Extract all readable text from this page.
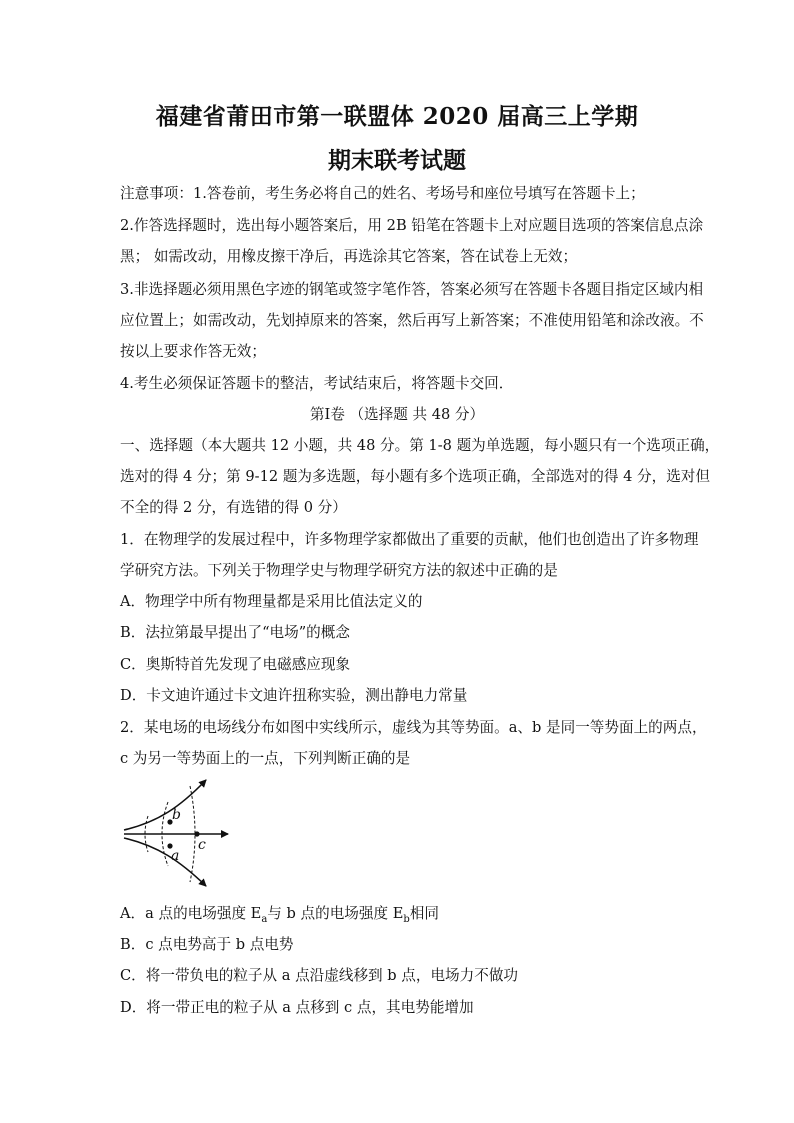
福建省莆田市第一联盟体 2020 届高三上学期
期末联考试题
注意事项：1.答卷前，考生务必将自己的姓名、考场号和座位号填写在答题卡上；
2.作答选择题时，选出每小题答案后，用 2B 铅笔在答题卡上对应题目选项的答案信息点涂
黑； 如需改动，用橡皮擦干净后，再选涂其它答案，答在试卷上无效；
3.非选择题必须用黑色字迹的钢笔或签字笔作答，答案必须写在答题卡各题目指定区域内相
应位置上；如需改动，先划掉原来的答案，然后再写上新答案；不准使用铅笔和涂改液。不
按以上要求作答无效；
4.考生必须保证答题卡的整洁，考试结束后，将答题卡交回．
第Ⅰ卷 （选择题 共 48 分）
一、选择题（本大题共 12 小题，共 48 分。第 1-8 题为单选题，每小题只有一个选项正确，
选对的得 4 分；第 9-12 题为多选题，每小题有多个选项正确，全部选对的得 4 分，选对但
不全的得 2 分，有选错的得 0 分）
1．在物理学的发展过程中，许多物理学家都做出了重要的贡献，他们也创造出了许多物理
学研究方法。下列关于物理学史与物理学研究方法的叙述中正确的是
A．物理学中所有物理量都是采用比值法定义的
B．法拉第最早提出了“电场”的概念
C．奥斯特首先发现了电磁感应现象
D．卡文迪许通过卡文迪许扭称实验，测出静电力常量
2．某电场的电场线分布如图中实线所示，虚线为其等势面。a、b 是同一等势面上的两点，
c 为另一等势面上的一点，下列判断正确的是
b
a
c
A．a 点的电场强度 $E_a$与 b 点的电场强度 $E_b$相同
B．c 点电势高于 b 点电势
C．将一带负电的粒子从 a 点沿虚线移到 b 点，电场力不做功
D．将一带正电的粒子从 a 点移到 c 点，其电势能增加
